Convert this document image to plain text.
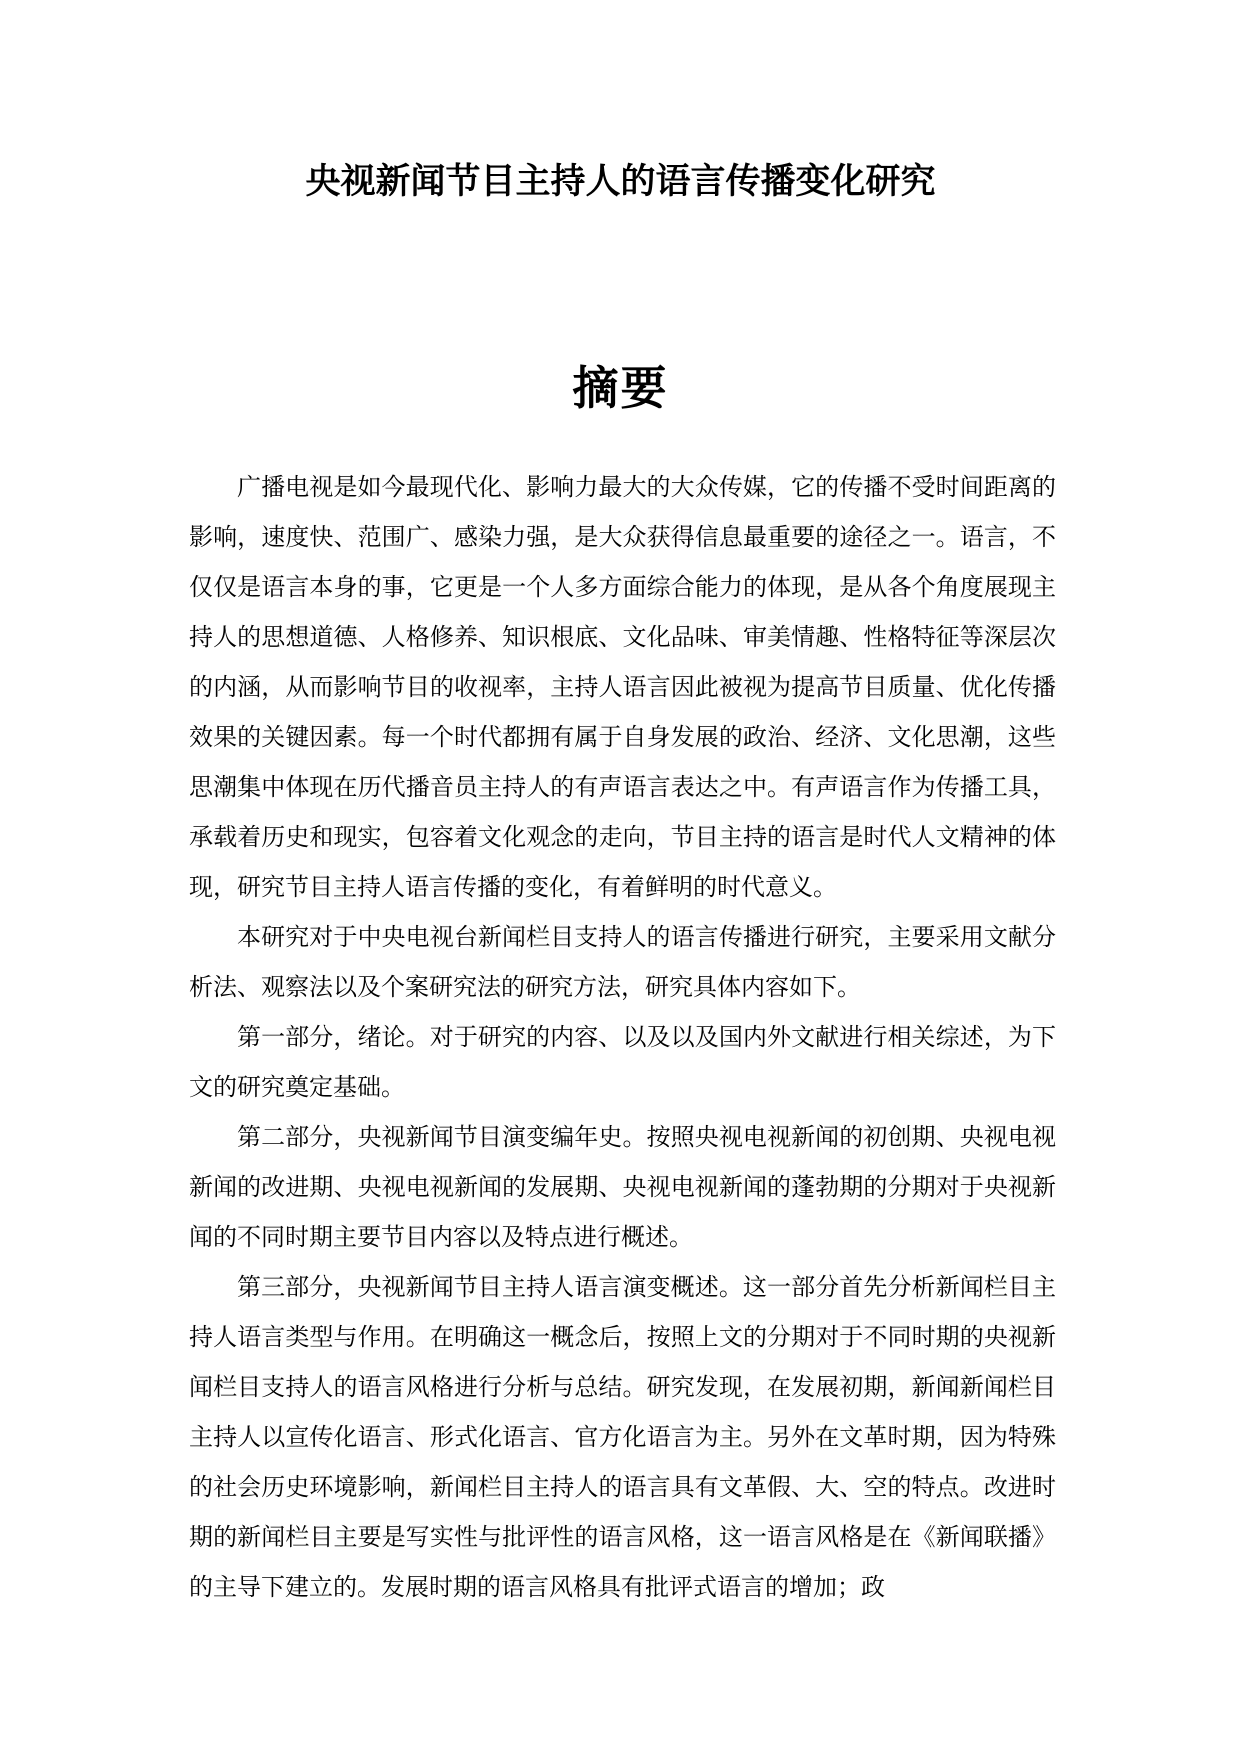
央视新闻节目主持人的语言传播变化研究
摘要

广播电视是如今最现代化、影响力最大的大众传媒，它的传播不受时间距离的影响，速度快、范围广、感染力强，是大众获得信息最重要的途径之一。语言，不仅仅是语言本身的事，它更是一个人多方面综合能力的体现，是从各个角度展现主持人的思想道德、人格修养、知识根底、文化品味、审美情趣、性格特征等深层次的内涵，从而影响节目的收视率，主持人语言因此被视为提高节目质量、优化传播效果的关键因素。每一个时代都拥有属于自身发展的政治、经济、文化思潮，这些思潮集中体现在历代播音员主持人的有声语言表达之中。有声语言作为传播工具，承载着历史和现实，包容着文化观念的走向，节目主持的语言是时代人文精神的体现，研究节目主持人语言传播的变化，有着鲜明的时代意义。

本研究对于中央电视台新闻栏目支持人的语言传播进行研究，主要采用文献分析法、观察法以及个案研究法的研究方法，研究具体内容如下。

第一部分，绪论。对于研究的内容、以及以及国内外文献进行相关综述，为下文的研究奠定基础。

第二部分，央视新闻节目演变编年史。按照央视电视新闻的初创期、央视电视新闻的改进期、央视电视新闻的发展期、央视电视新闻的蓬勃期的分期对于央视新闻的不同时期主要节目内容以及特点进行概述。

第三部分，央视新闻节目主持人语言演变概述。这一部分首先分析新闻栏目主持人语言类型与作用。在明确这一概念后，按照上文的分期对于不同时期的央视新闻栏目支持人的语言风格进行分析与总结。研究发现，在发展初期，新闻新闻栏目主持人以宣传化语言、形式化语言、官方化语言为主。另外在文革时期，因为特殊的社会历史环境影响，新闻栏目主持人的语言具有文革假、大、空的特点。改进时期的新闻栏目主要是写实性与批评性的语言风格，这一语言风格是在《新闻联播》的主导下建立的。发展时期的语言风格具有批评式语言的增加；政
